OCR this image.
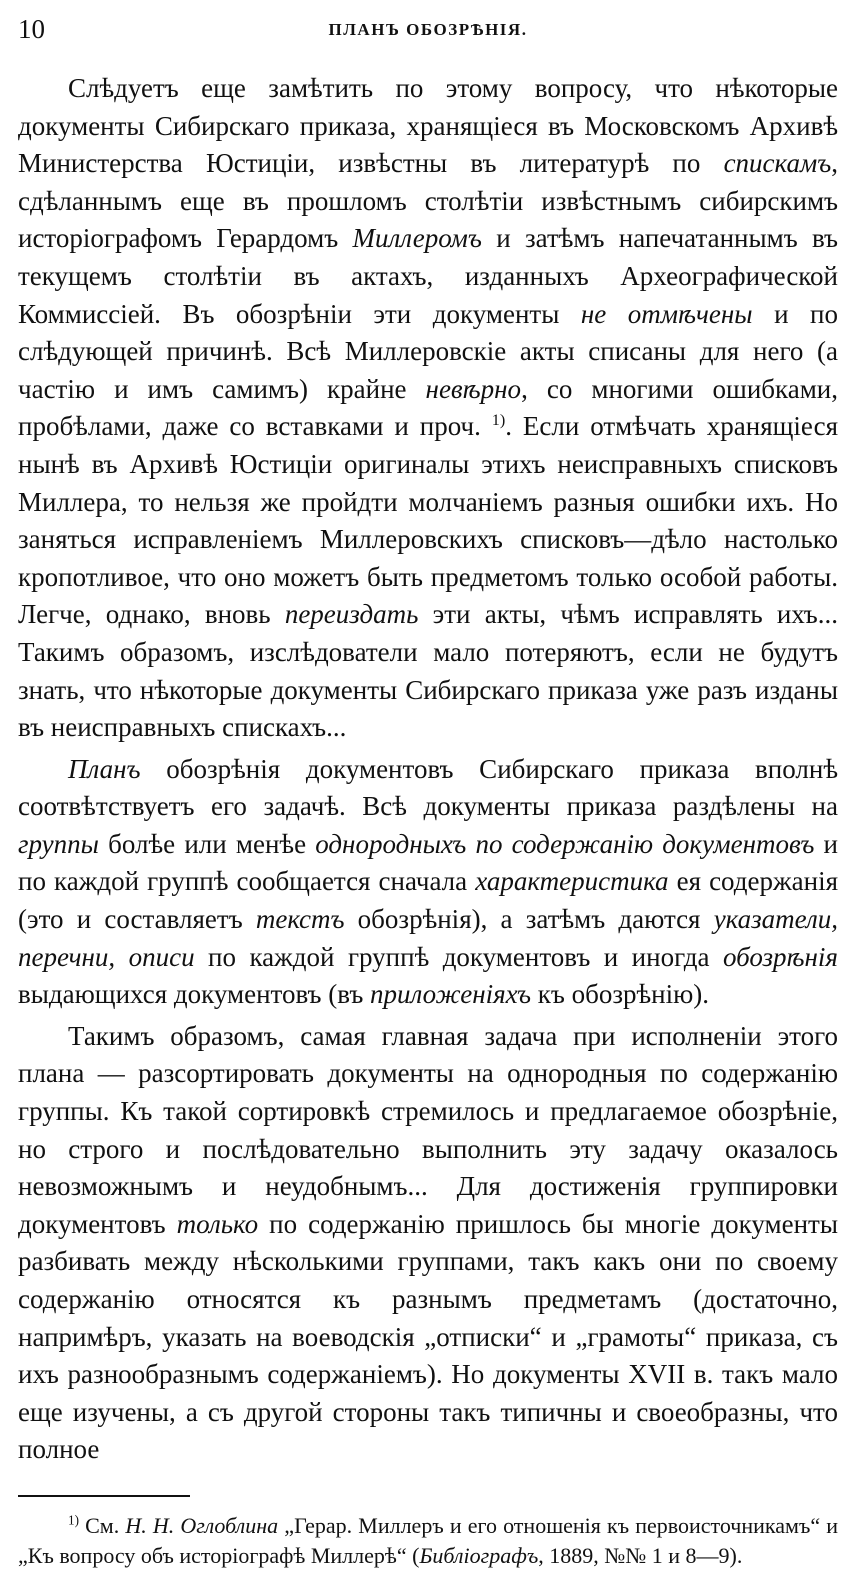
10	ПЛАНЪ ОБОЗРѢНІЯ.

Слѣдуетъ еще замѣтить по этому вопросу, что нѣкоторые документы Сибирскаго приказа, хранящіеся въ Московскомъ Архивѣ Министерства Юстиціи, извѣстны въ литературѣ по спискамъ, сдѣланнымъ еще въ прошломъ столѣтіи извѣстнымъ сибирскимъ исторіографомъ Герардомъ Миллеромъ и затѣмъ напечатаннымъ въ текущемъ столѣтіи въ актахъ, изданныхъ Археографической Коммиссіей. Въ обозрѣніи эти документы не отмѣчены и по слѣдующей причинѣ. Всѣ Миллеровскіе акты списаны для него (а частію и имъ самимъ) крайне невѣрно, со многими ошибками, пробѣлами, даже со вставками и проч. $^{1)}$. Если отмѣчать хранящіеся нынѣ въ Архивѣ Юстиціи оригиналы этихъ неисправныхъ списковъ Миллера, то нельзя же пройдти молчаніемъ разныя ошибки ихъ. Но заняться исправленіемъ Миллеровскихъ списковъ—дѣло настолько кропотливое, что оно можетъ быть предметомъ только особой работы. Легче, однако, вновь переиздать эти акты, чѣмъ исправлять ихъ... Такимъ образомъ, изслѣдователи мало потеряютъ, если не будутъ знать, что нѣкоторые документы Сибирскаго приказа уже разъ изданы въ неисправныхъ спискахъ...

Планъ обозрѣнія документовъ Сибирскаго приказа вполнѣ соотвѣтствуетъ его задачѣ. Всѣ документы приказа раздѣлены на группы болѣе или менѣе однородныхъ по содержанію документовъ и по каждой группѣ сообщается сначала характеристика ея содержанія (это и составляетъ текстъ обозрѣнія), а затѣмъ даются указатели, перечни, описи по каждой группѣ документовъ и иногда обозрѣнія выдающихся документовъ (въ приложеніяхъ къ обозрѣнію).

Такимъ образомъ, самая главная задача при исполненіи этого плана — разсортировать документы на однородныя по содержанію группы. Къ такой сортировкѣ стремилось и предлагаемое обозрѣніе, но строго и послѣдовательно выполнить эту задачу оказалось невозможнымъ и неудобнымъ... Для достиженія группировки документовъ только по содержанію пришлось бы многіе документы разбивать между нѣсколькими группами, такъ какъ они по своему содержанію относятся къ разнымъ предметамъ (достаточно, напримѣръ, указать на воеводскія „отписки“ и „грамоты“ приказа, съ ихъ разнообразнымъ содержаніемъ). Но документы XVII в. такъ мало еще изучены, а съ другой стороны такъ типичны и своеобразны, что полное

$^{1)}$ См. Н. Н. Оглоблина „Герар. Миллеръ и его отношенія къ первоисточникамъ“ и „Къ вопросу объ исторіографѣ Миллерѣ“ (Библіографъ, 1889, №№ 1 и 8—9).
